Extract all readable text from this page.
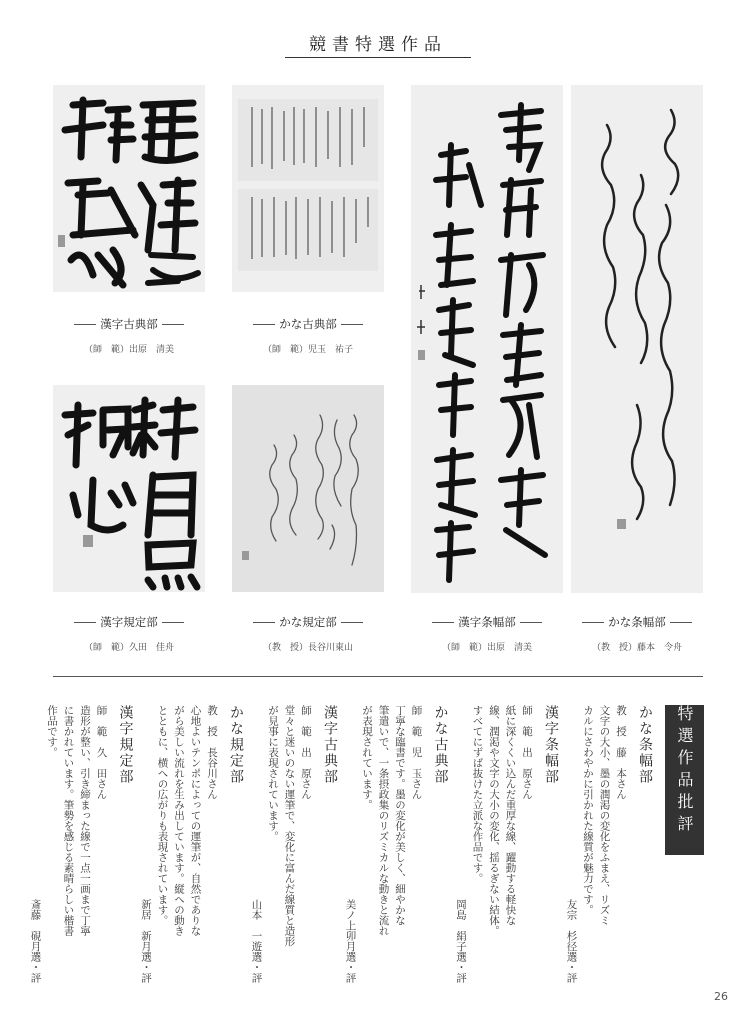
競書特選作品
漢字古典部
（師　範）出原　清美
かな古典部
（師　範）児玉　祐子
漢字規定部
（師　範）久田　佳舟
かな規定部
（教　授）長谷川東山
漢字条幅部
（師　範）出原　清美
かな条幅部
（教　授）藤本　令舟
特選作品批評

かな条幅部

教　授　藤　本さん

文字の大小、墨の潤渇の変化をふまえ、リズミ

カルにさわやかに引かれた線質が魅力です。

友宗　杉径選・評

漢字条幅部

師　範　出　原さん

紙に深くくい込んだ重厚な線、躍動する軽快な

線、潤渇や文字の大小の変化、揺るぎない結体。

すべてにずば抜けた立派な作品です。

岡島　絹子選・評

かな古典部

師　範　児　玉さん

丁寧な臨書です。墨の変化が美しく、細やかな

筆遣いで、一条摂政集のリズミカルな動きと流れ

が表現されています。

美ノ上卯月選・評

漢字古典部

師　範　出　原さん

堂々と迷いのない運筆で、変化に富んだ線質と造形

が見事に表現されています。

山本　一遊選・評

かな規定部

教　授　長谷川さん

心地よいテンポによっての運筆が、自然でありな

がら美しい流れを生み出しています。縦への動き

とともに、横への広がりも表現されています。

新居　新月選・評

漢字規定部

師　範　久　田さん

造形が整い、引き締まった線で一点一画まで丁寧

に書かれています。筆勢を感じる素晴らしい楷書

作品です。

斎藤　硯月選・評

26
